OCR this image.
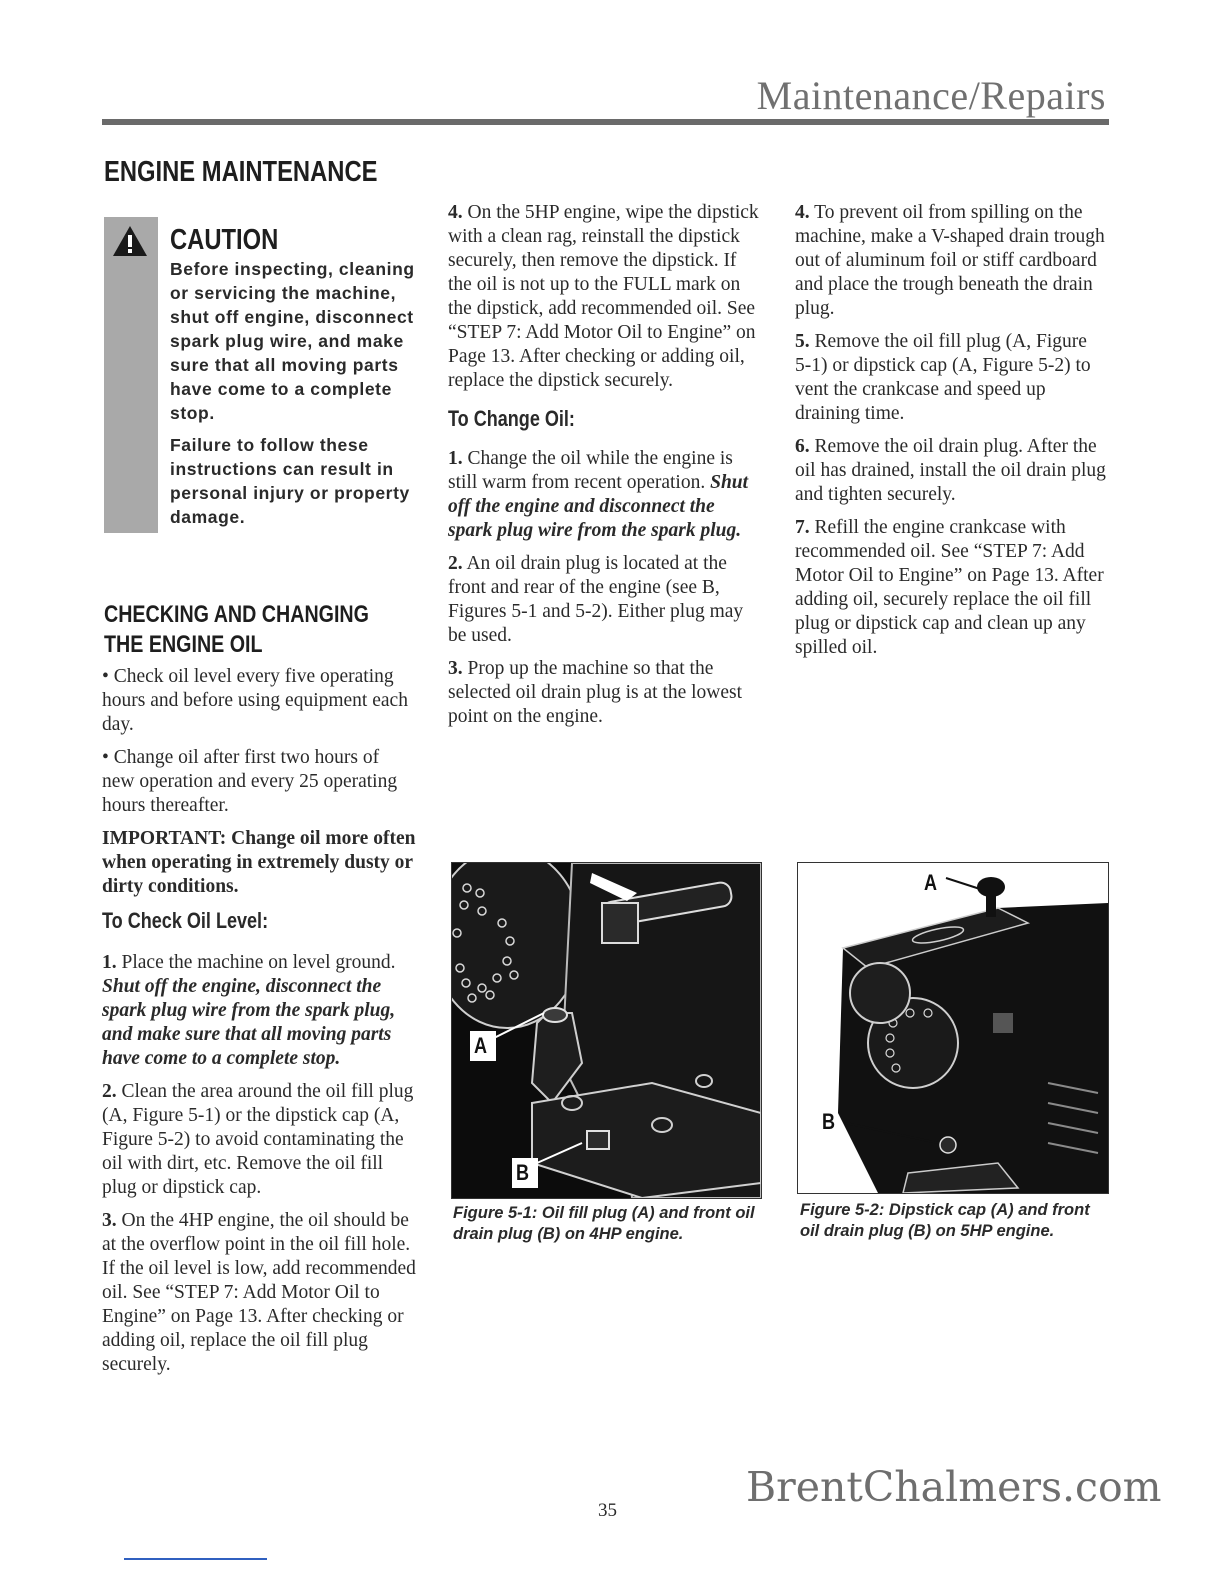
Maintenance/Repairs
ENGINE MAINTENANCE
CAUTION
Before inspecting, cleaning or servicing the machine, shut off engine, disconnect spark plug wire, and make sure that all moving parts have come to a complete stop.
Failure to follow these instructions can result in personal injury or property damage.
CHECKING AND CHANGING
THE ENGINE OIL

• Check oil level every five operating hours and before using equipment each day.

• Change oil after first two hours of new operation and every 25 operating hours thereafter.

IMPORTANT: Change oil more often when operating in extremely dusty or dirty conditions.

To Check Oil Level:

1. Place the machine on level ground. Shut off the engine, disconnect the spark plug wire from the spark plug, and make sure that all moving parts have come to a complete stop.

2. Clean the area around the oil fill plug (A, Figure 5-1) or the dipstick cap (A, Figure 5-2) to avoid contaminating the oil with dirt, etc. Remove the oil fill plug or dipstick cap.

3. On the 4HP engine, the oil should be at the overflow point in the oil fill hole. If the oil level is low, add recommended oil. See “STEP 7: Add Motor Oil to Engine” on Page 13. After checking or adding oil, replace the oil fill plug securely.

4. On the 5HP engine, wipe the dipstick with a clean rag, reinstall the dipstick securely, then remove the dipstick. If the oil is not up to the FULL mark on the dipstick, add recommended oil. See “STEP 7: Add Motor Oil to Engine” on Page 13. After checking or adding oil, replace the dipstick securely.

To Change Oil:

1. Change the oil while the engine is still warm from recent operation. Shut off the engine and disconnect the spark plug wire from the spark plug.

2. An oil drain plug is located at the front and rear of the engine (see B, Figures 5-1 and 5-2). Either plug may be used.

3. Prop up the machine so that the selected oil drain plug is at the lowest point on the engine.

4. To prevent oil from spilling on the machine, make a V-shaped drain trough out of aluminum foil or stiff cardboard and place the trough beneath the drain plug.

5. Remove the oil fill plug (A, Figure 5-1) or dipstick cap (A, Figure 5-2) to vent the crankcase and speed up draining time.

6. Remove the oil drain plug. After the oil has drained, install the oil drain plug and tighten securely.

7. Refill the engine crankcase with recommended oil. See “STEP 7: Add Motor Oil to Engine” on Page 13. After adding oil, securely replace the oil fill plug or dipstick cap and clean up any spilled oil.

A
B
Figure 5-1: Oil fill plug (A) and front oil drain plug (B) on 4HP engine.
A
B
Figure 5-2: Dipstick cap (A) and front oil drain plug (B) on 5HP engine.
35	BrentChalmers.com
